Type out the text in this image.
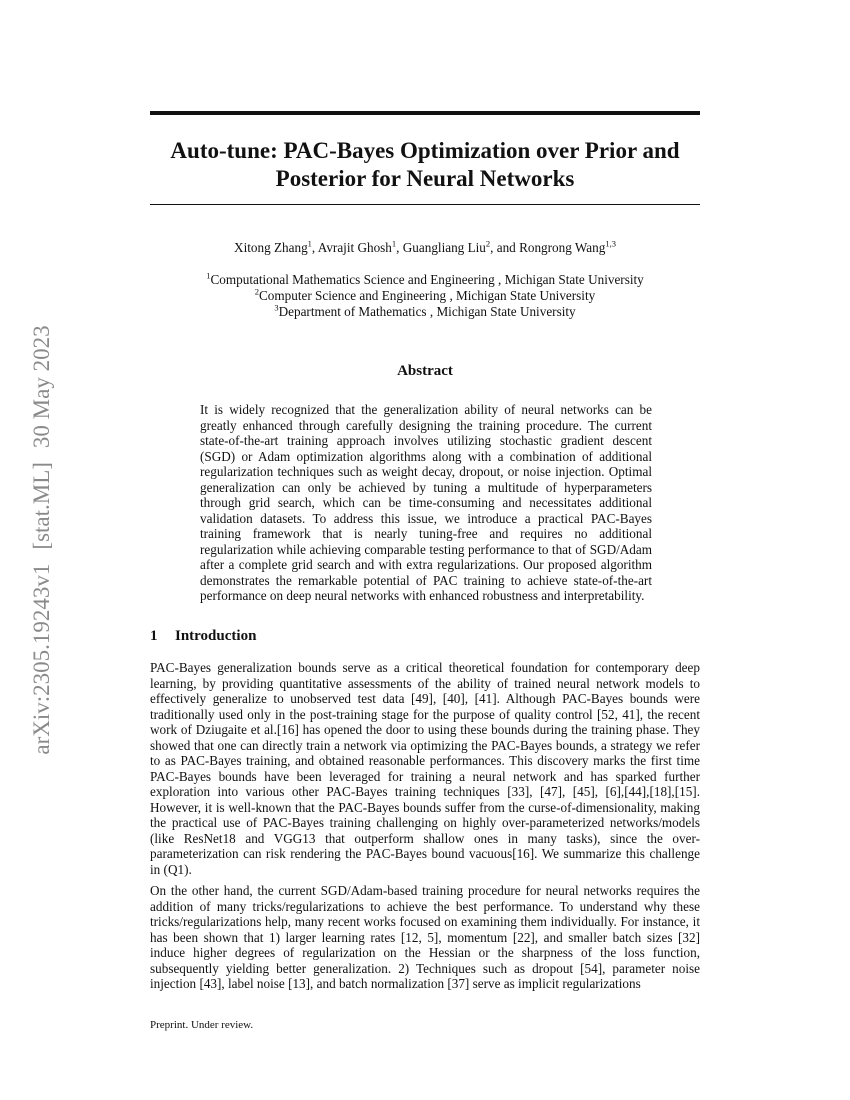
arXiv:2305.19243v1[stat.ML]30 May 2023
Auto-tune: PAC-Bayes Optimization over Prior and
Posterior for Neural Networks
Xitong Zhang$^1$, Avrajit Ghosh$^1$, Guangliang Liu$^2$, and Rongrong Wang$^{1,3}$
$^1$Computational Mathematics Science and Engineering , Michigan State University
$^2$Computer Science and Engineering , Michigan State University
$^3$Department of Mathematics , Michigan State University
Abstract
It is widely recognized that the generalization ability of neural networks can be greatly enhanced through carefully designing the training procedure. The current state-of-the-art training approach involves utilizing stochastic gradient descent (SGD) or Adam optimization algorithms along with a combination of additional regularization techniques such as weight decay, dropout, or noise injection. Optimal generalization can only be achieved by tuning a multitude of hyperparameters through grid search, which can be time-consuming and necessitates additional validation datasets. To address this issue, we introduce a practical PAC-Bayes training framework that is nearly tuning-free and requires no additional regularization while achieving comparable testing performance to that of SGD/Adam after a complete grid search and with extra regularizations. Our proposed algorithm demonstrates the remarkable potential of PAC training to achieve state-of-the-art performance on deep neural networks with enhanced robustness and interpretability.
1 Introduction

PAC-Bayes generalization bounds serve as a critical theoretical foundation for contemporary deep learning, by providing quantitative assessments of the ability of trained neural network models to effectively generalize to unobserved test data [49], [40], [41]. Although PAC-Bayes bounds were traditionally used only in the post-training stage for the purpose of quality control [52, 41], the recent work of Dziugaite et al.[16] has opened the door to using these bounds during the training phase. They showed that one can directly train a network via optimizing the PAC-Bayes bounds, a strategy we refer to as PAC-Bayes training, and obtained reasonable performances. This discovery marks the first time PAC-Bayes bounds have been leveraged for training a neural network and has sparked further exploration into various other PAC-Bayes training techniques [33], [47], [45], [6],[44],[18],[15]. However, it is well-known that the PAC-Bayes bounds suffer from the curse-of-dimensionality, making the practical use of PAC-Bayes training challenging on highly over-parameterized networks/models (like ResNet18 and VGG13 that outperform shallow ones in many tasks), since the over-parameterization can risk rendering the PAC-Bayes bound vacuous[16]. We summarize this challenge in (Q1).

On the other hand, the current SGD/Adam-based training procedure for neural networks requires the addition of many tricks/regularizations to achieve the best performance. To understand why these tricks/regularizations help, many recent works focused on examining them individually. For instance, it has been shown that 1) larger learning rates [12, 5], momentum [22], and smaller batch sizes [32] induce higher degrees of regularization on the Hessian or the sharpness of the loss function, subsequently yielding better generalization. 2) Techniques such as dropout [54], parameter noise injection [43], label noise [13], and batch normalization [37] serve as implicit regularizations

Preprint. Under review.
